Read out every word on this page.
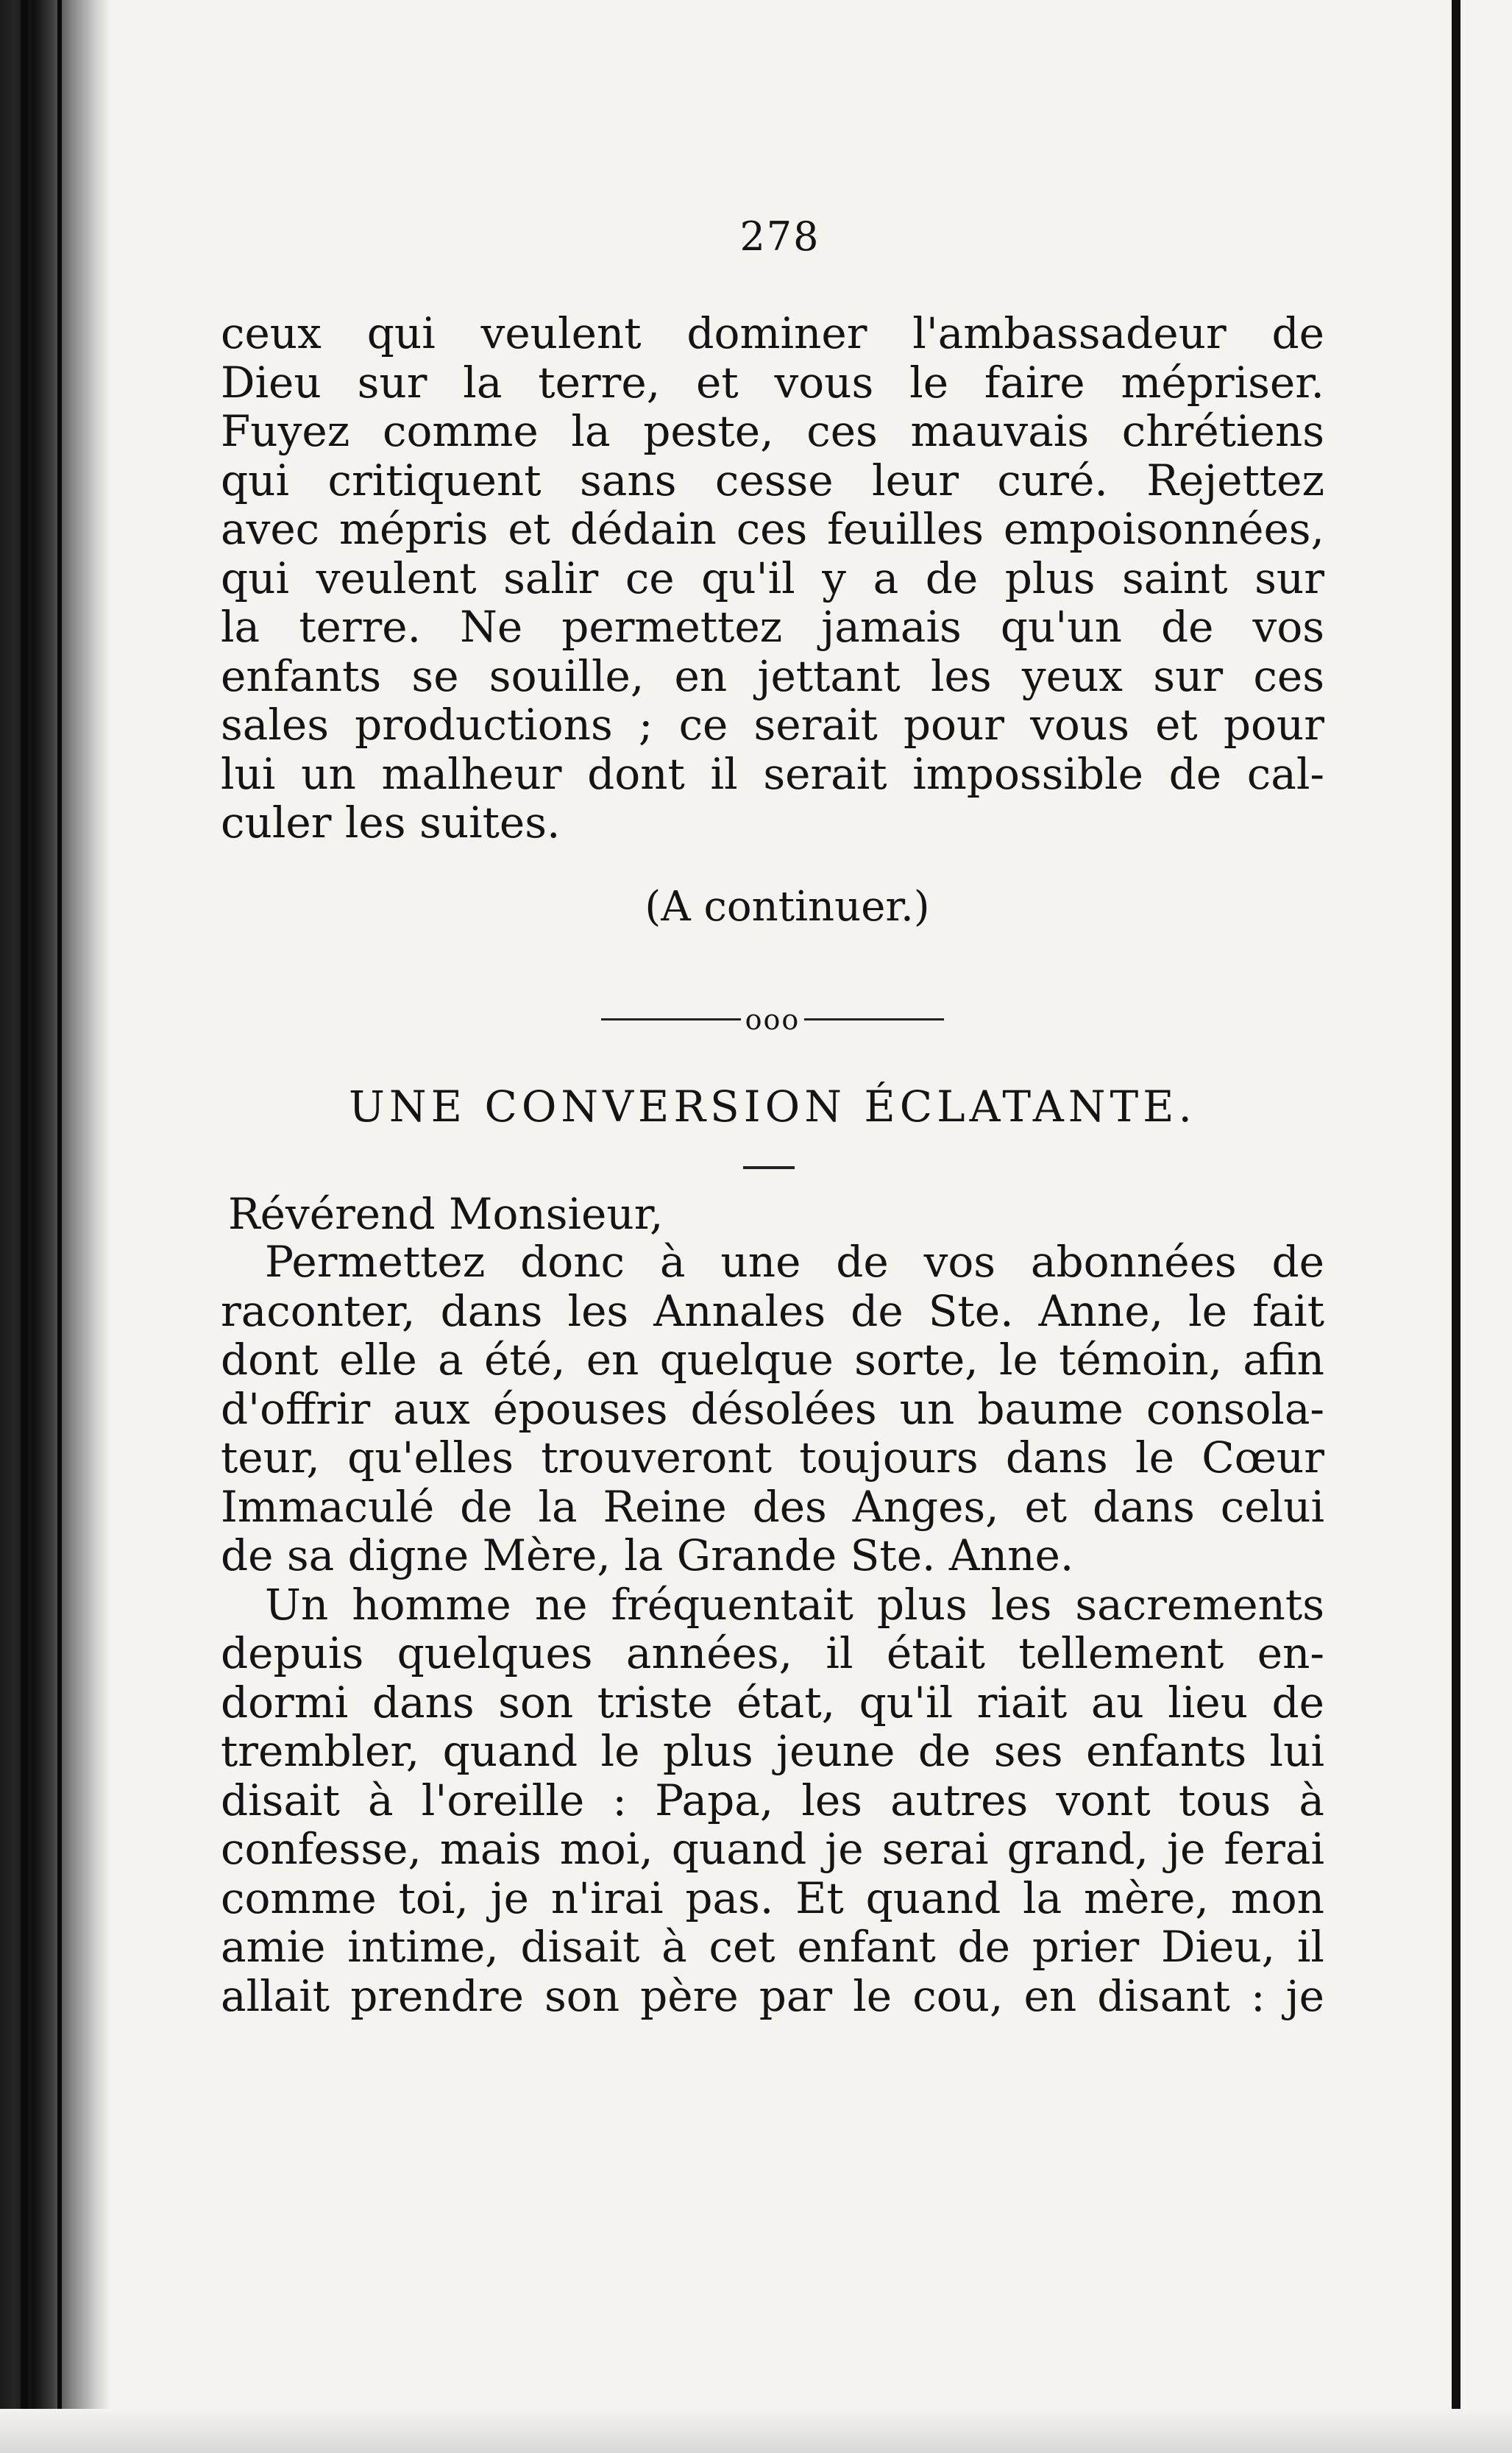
278
ceux qui veulent dominer l'ambassadeur de
Dieu sur la terre, et vous le faire mépriser.
Fuyez comme la peste, ces mauvais chrétiens
qui critiquent sans cesse leur curé. Rejettez
avec mépris et dédain ces feuilles empoisonnées,
qui veulent salir ce qu'il y a de plus saint sur
la terre. Ne permettez jamais qu'un de vos
enfants se souille, en jettant les yeux sur ces
sales productions ; ce serait pour vous et pour
lui un malheur dont il serait impossible de cal-
culer les suites.
(A continuer.)
ooo
UNE CONVERSION ÉCLATANTE.
Révérend Monsieur,
Permettez donc à une de vos abonnées de
raconter, dans les Annales de Ste. Anne, le fait
dont elle a été, en quelque sorte, le témoin, afin
d'offrir aux épouses désolées un baume consola-
teur, qu'elles trouveront toujours dans le Cœur
Immaculé de la Reine des Anges, et dans celui
de sa digne Mère, la Grande Ste. Anne.
Un homme ne fréquentait plus les sacrements
depuis quelques années, il était tellement en-
dormi dans son triste état, qu'il riait au lieu de
trembler, quand le plus jeune de ses enfants lui
disait à l'oreille : Papa, les autres vont tous à
confesse, mais moi, quand je serai grand, je ferai
comme toi, je n'irai pas. Et quand la mère, mon
amie intime, disait à cet enfant de prier Dieu, il
allait prendre son père par le cou, en disant : je
